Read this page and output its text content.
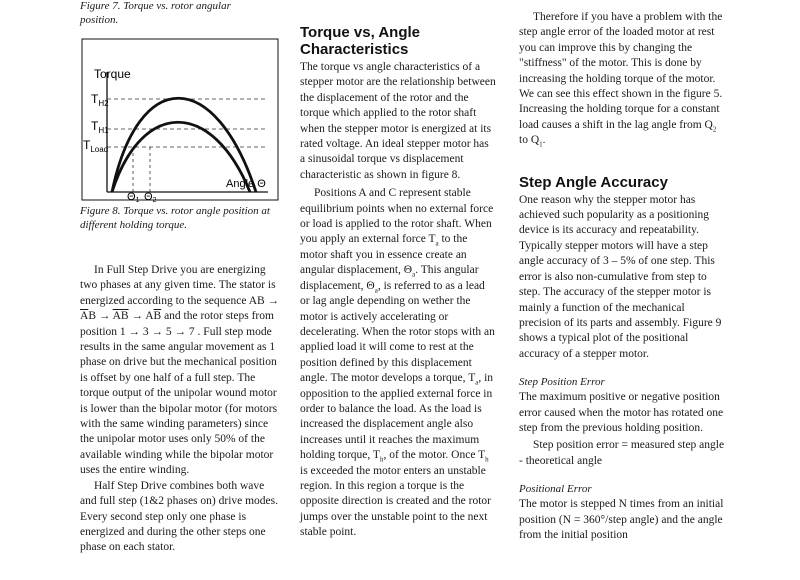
Figure 7. Torque vs. rotor angular position.

Torque
$T_{H2}$
$T_{H1}$
$T_{Load}$
Θ1 Θ2
Angle Θ

Figure 8. Torque vs. rotor angle position at different holding torque.

In Full Step Drive you are energizing two phases at any given time. The stator is energized according to the sequence AB → $\overline{A}B \to \overline{AB} \to A\overline{B}$ and the rotor steps from position 1 → 3 → 5 → 7 . Full step mode results in the same angular movement as 1 phase on drive but the mechanical position is offset by one half of a full step. The torque output of the unipolar wound motor is lower than the bipolar motor (for motors with the same winding parameters) since the unipolar motor uses only 50% of the available winding while the bipolar motor uses the entire winding.

Half Step Drive combines both wave and full step (1&2 phases on) drive modes. Every second step only one phase is energized and during the other steps one phase on each stator.

Torque vs, Angle Characteristics

The torque vs angle characteristics of a stepper motor are the relationship between the displacement of the rotor and the torque which applied to the rotor shaft when the stepper motor is energized at its rated voltage. An ideal stepper motor has a sinusoidal torque vs displacement characteristic as shown in figure 8.

Positions A and C represent stable equilibrium points when no external force or load is applied to the rotor shaft. When you apply an external force $T_a$ to the motor shaft you in essence create an angular displacement, $\Theta_a$. This angular displacement, $\Theta_a$, is referred to as a lead or lag angle depending on wether the motor is actively accelerating or decelerating. When the rotor stops with an applied load it will come to rest at the position defined by this displacement angle. The motor develops a torque, $T_a$, in opposition to the applied external force in order to balance the load. As the load is increased the displacement angle also increases until it reaches the maximum holding torque, $T_h$, of the motor. Once $T_h$ is exceeded the motor enters an unstable region. In this region a torque is the opposite direction is created and the rotor jumps over the unstable point to the next stable point.

Therefore if you have a problem with the step angle error of the loaded motor at rest you can improve this by changing the "stiffness" of the motor. This is done by increasing the holding torque of the motor. We can see this effect shown in the figure 5. Increasing the holding torque for a constant load causes a shift in the lag angle from $Q_2$ to $Q_1$.

Step Angle Accuracy

One reason why the stepper motor has achieved such popularity as a positioning device is its accuracy and repeatability. Typically stepper motors will have a step angle accuracy of 3 – 5% of one step. This error is also non-cumulative from step to step. The accuracy of the stepper motor is mainly a function of the mechanical precision of its parts and assembly. Figure 9 shows a typical plot of the positional accuracy of a stepper motor.

Step Position Error

The maximum positive or negative position error caused when the motor has rotated one step from the previous holding position.

Step position error = measured step angle - theoretical angle

Positional Error

The motor is stepped N times from an initial position (N = 360°/step angle) and the angle from the initial position
